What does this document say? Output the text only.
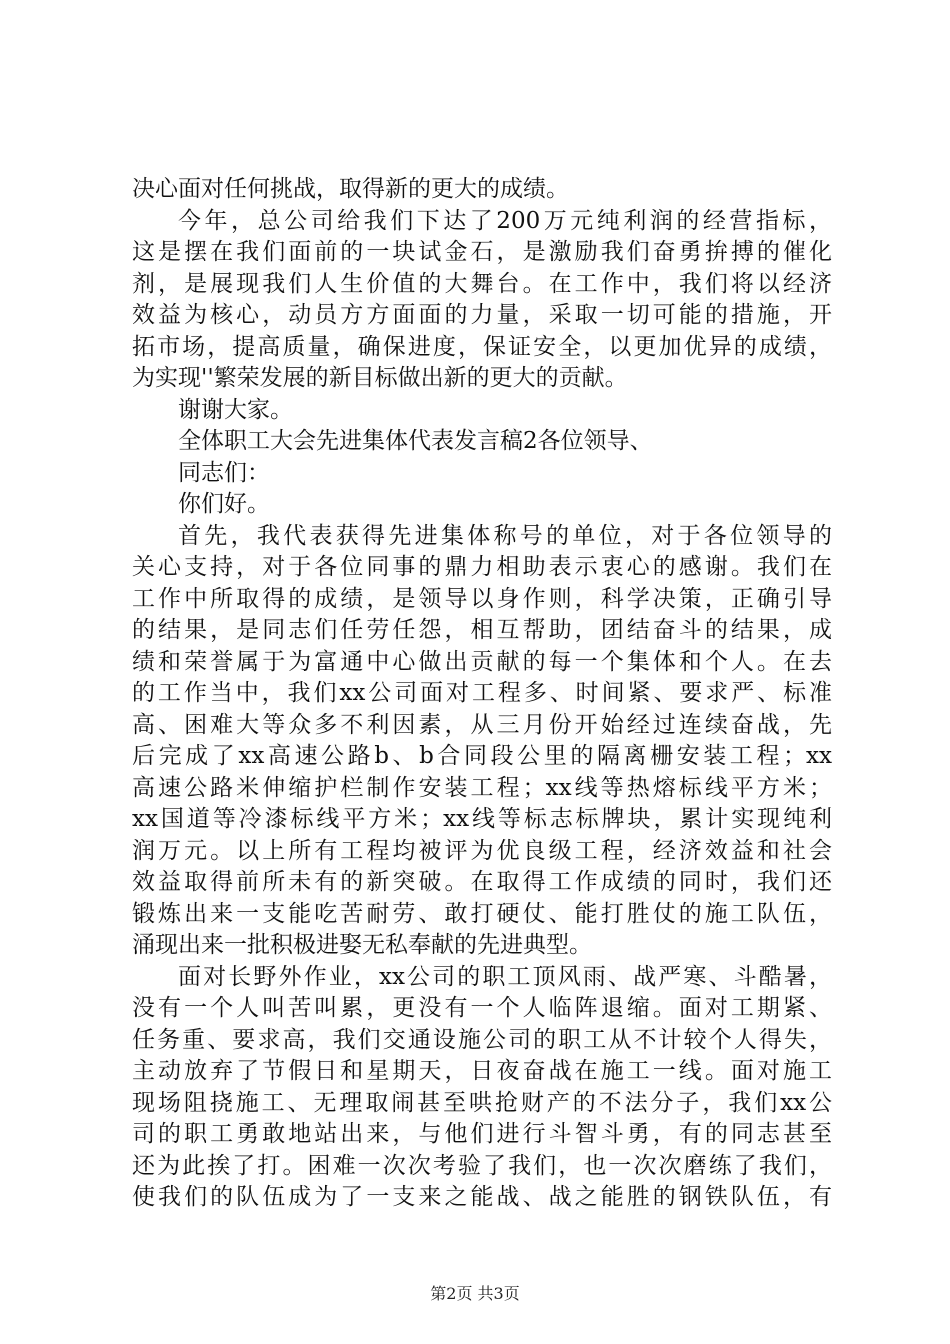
决心面对任何挑战，取得新的更大的成绩。
今年，总公司给我们下达了200万元纯利润的经营指标，
这是摆在我们面前的一块试金石，是激励我们奋勇拚搏的催化
剂，是展现我们人生价值的大舞台。在工作中，我们将以经济
效益为核心，动员方方面面的力量，采取一切可能的措施，开
拓市场，提高质量，确保进度，保证安全，以更加优异的成绩，
为实现''繁荣发展的新目标做出新的更大的贡献。
谢谢大家。
全体职工大会先进集体代表发言稿2各位领导、
同志们：
你们好。
首先，我代表获得先进集体称号的单位，对于各位领导的
关心支持，对于各位同事的鼎力相助表示衷心的感谢。我们在
工作中所取得的成绩，是领导以身作则，科学决策，正确引导
的结果，是同志们任劳任怨，相互帮助，团结奋斗的结果，成
绩和荣誉属于为富通中心做出贡献的每一个集体和个人。在去
的工作当中，我们xx公司面对工程多、时间紧、要求严、标准
高、困难大等众多不利因素，从三月份开始经过连续奋战，先
后完成了xx高速公路b、b合同段公里的隔离栅安装工程；xx
高速公路米伸缩护栏制作安装工程；xx线等热熔标线平方米；
xx国道等冷漆标线平方米；xx线等标志标牌块，累计实现纯利
润万元。以上所有工程均被评为优良级工程，经济效益和社会
效益取得前所未有的新突破。在取得工作成绩的同时，我们还
锻炼出来一支能吃苦耐劳、敢打硬仗、能打胜仗的施工队伍，
涌现出来一批积极进娶无私奉献的先进典型。
面对长野外作业，xx公司的职工顶风雨、战严寒、斗酷暑，
没有一个人叫苦叫累，更没有一个人临阵退缩。面对工期紧、
任务重、要求高，我们交通设施公司的职工从不计较个人得失，
主动放弃了节假日和星期天，日夜奋战在施工一线。面对施工
现场阻挠施工、无理取闹甚至哄抢财产的不法分子，我们xx公
司的职工勇敢地站出来，与他们进行斗智斗勇，有的同志甚至
还为此挨了打。困难一次次考验了我们，也一次次磨练了我们，
使我们的队伍成为了一支来之能战、战之能胜的钢铁队伍，有
第2页 共3页
